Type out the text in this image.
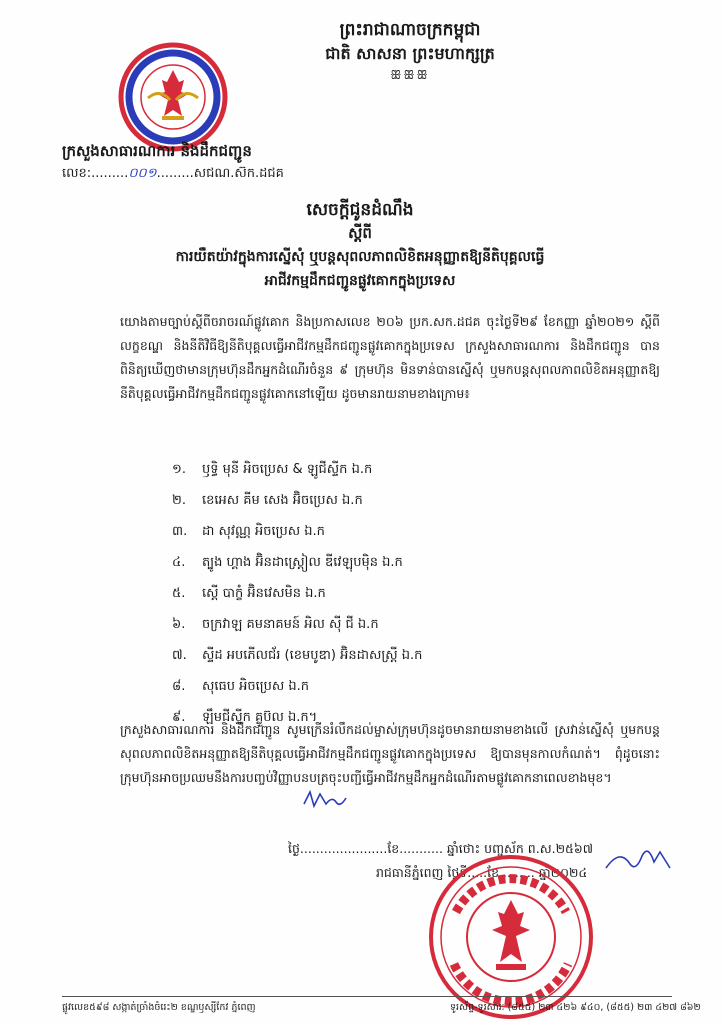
ព្រះរាជាណាចក្រកម្ពុជា
ជាតិ សាសនា ព្រះមហាក្សត្រ
ꕥꕥꕥ
ក្រសួងសាធារណការ និងដឹកជញ្ជូន
លេខ:.........០០១.........សជណ.ស៊ក.ដជគ
សេចក្តីជូនដំណឹង
ស្តីពី
ការយឺតយ៉ាវក្នុងការស្នើសុំ ឬបន្តសុពលភាពលិខិតអនុញ្ញាតឱ្យនីតិបុគ្គលធ្វើ
អាជីវកម្មដឹកជញ្ជូនផ្លូវគោកក្នុងប្រទេស
យោងតាមច្បាប់ស្តីពីចរាចរណ៍ផ្លូវគោក និងប្រកាសលេខ ២០៦ ប្រក.សក.ដជគ ចុះថ្ងៃទី២៩ ខែកញ្ញា ឆ្នាំ២០២១ ស្តីពីលក្ខខណ្ឌ និងនីតិវិធីឱ្យនីតិបុគ្គលធ្វើអាជីវកម្មដឹកជញ្ជូនផ្លូវគោកក្នុងប្រទេស ក្រសួងសាធារណការ និងដឹកជញ្ជូន បានពិនិត្យឃើញថាមានក្រុមហ៊ុនដឹកអ្នកដំណើរចំនួន ៩ ក្រុមហ៊ុន មិនទាន់បានស្នើសុំ ឬមកបន្តសុពលភាពលិខិតអនុញ្ញាតឱ្យនីតិបុគ្គលធ្វើអាជីវកម្មដឹកជញ្ជូនផ្លូវគោកនៅឡើយ ដូចមានរាយនាមខាងក្រោម៖
១. ឫទ្ធិ មុនី អិចប្រេស & ឡូជីស្ទីក ឯ.ក
២. ខេអេស គីម សេង អ៊ិចប្រេស ឯ.ក
៣. ដា សុវណ្ណ អិចប្រេស ឯ.ក
៤. ត្បូង ហ្គាង អ៊ិនដាស្ត្រៀល ឌីវេឡុបម៉ិន ឯ.ក
៥. ស្តើ បាក្ខំ អ៊ិនវេសមិន ឯ.ក
៦. ចក្រវាឡ គមនាគមន៍ អិល ស៊ី ជី ឯ.ក
៧. ស្ទីដ អបភើលជ័រ (ខេមបូឌា) អ៊ិនដាសស្ត្រី ឯ.ក
៨. សុធេប អិចប្រេស ឯ.ក
៩. ឡឹមជីស្ទីក គ្លូប៊ល ឯ.ក។
ក្រសួងសាធារណការ និងដឹកជញ្ជូន សូមក្រើនរំលឹកដល់ម្ចាស់ក្រុមហ៊ុនដូចមានរាយនាមខាងលើ ស្រវាន់ស្នើសុំ ឬមកបន្តសុពលភាពលិខិតអនុញ្ញាតឱ្យនីតិបុគ្គលធ្វើអាជីវកម្មដឹកជញ្ជូនផ្លូវគោកក្នុងប្រទេស ឱ្យបានមុនកាលកំណត់។ ពុំដូចនោះ ក្រុមហ៊ុនអាចប្រឈមនឹងការបញ្ចប់វិញ្ញាបនបត្រចុះបញ្ជីធ្វើអាជីវកម្មដឹកអ្នកដំណើរតាមផ្លូវគោកនាពេលខាងមុខ។
ថ្ងៃ......................ខែ........... ឆ្នាំថោះ បញ្ចស័ក ព.ស.២៥៦៧
រាជធានីភ្នំពេញ ថ្ងៃទី.....ខែ......... ឆ្នាំ២០២៤
ផ្លូវលេខ៥៩៨ សង្កាត់ច្រាំងចំរេះ២ ខណ្ឌឫស្សីកែវ ភ្នំពេញ	ទូរស័ព្ទ-ទូរសារៈ (៨៥៥) ២៣ ៤២៦ ៩៤០, (៨៥៥) ២៣ ៤២៧ ៨៦២
